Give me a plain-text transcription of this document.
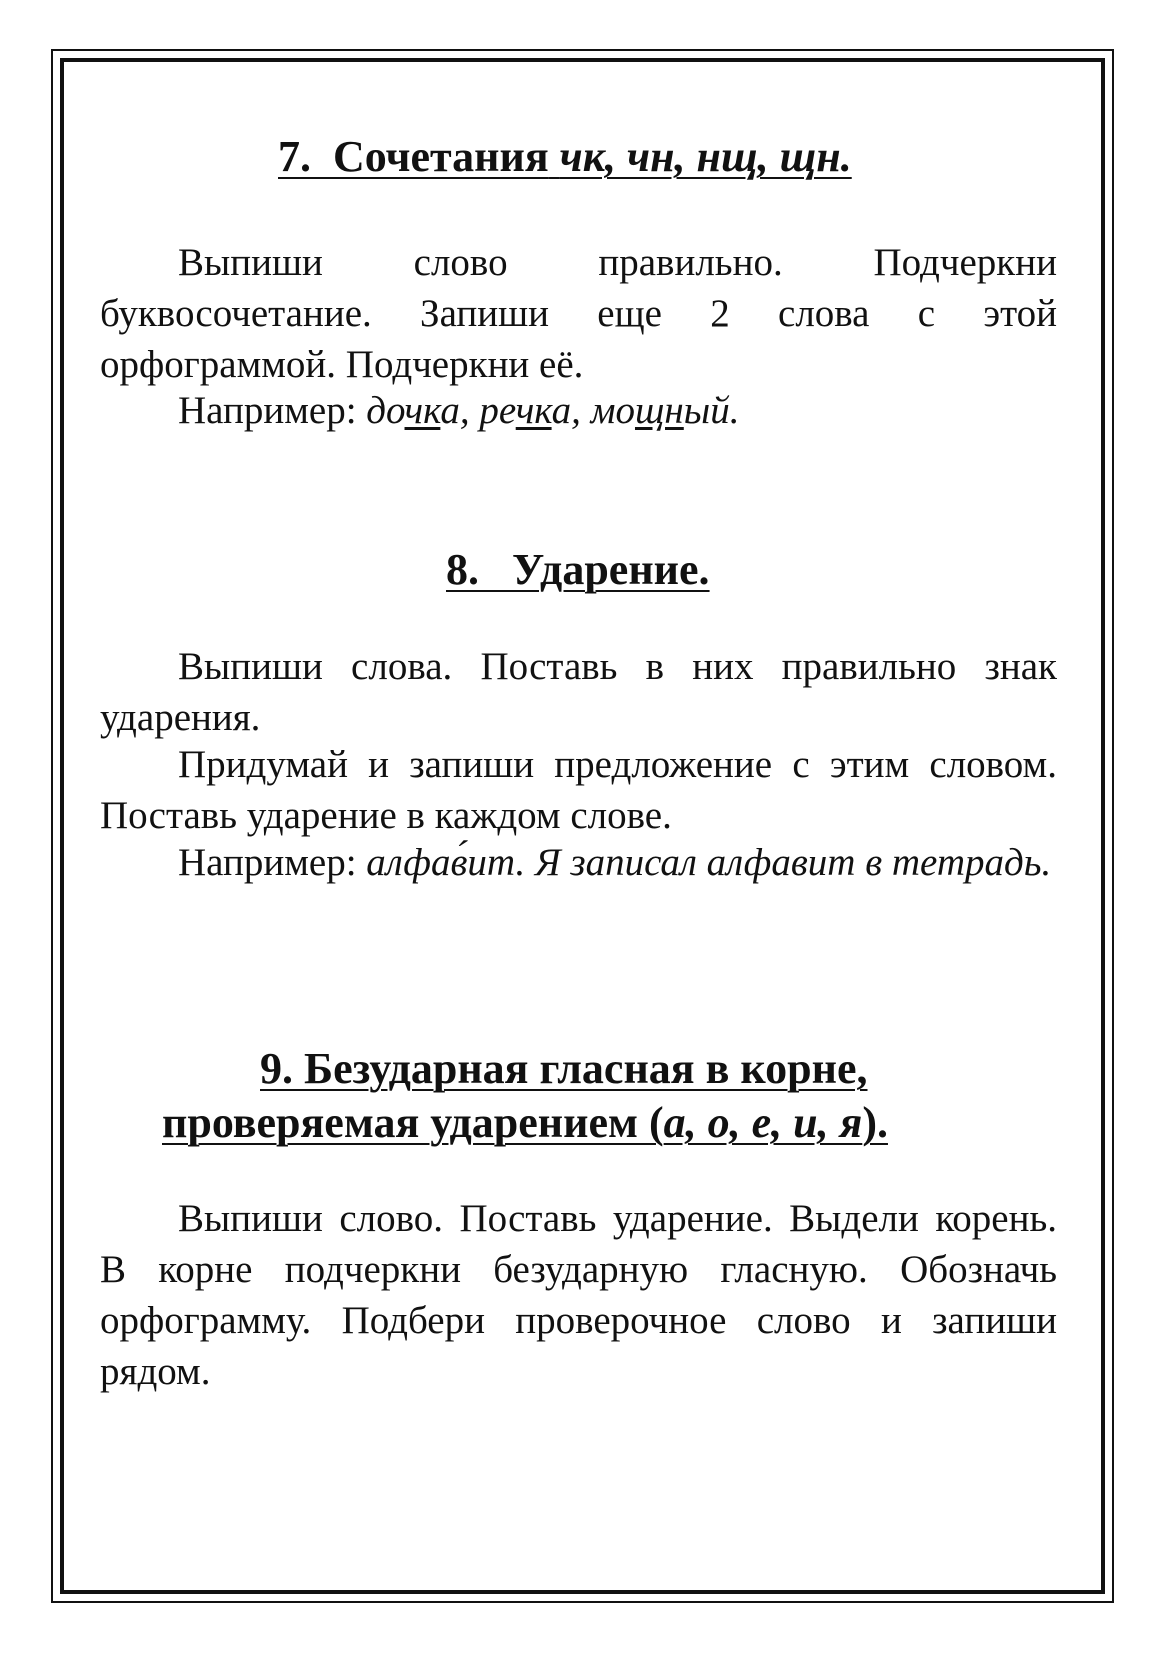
7. Сочетания чк, чн, нщ, щн.

Выпиши слово правильно. Подчеркни буквосочетание. Запиши еще 2 слова с этой орфограммой. Подчеркни её.

Например: дочка, речка, мощный.

8. Ударение.

Выпиши слова. Поставь в них правильно знак ударения.

Придумай и запиши предложение с этим словом. Поставь ударение в каждом слове.

Например: алфав́ит. Я записал алфавит в тетрадь.

9. Безударная гласная в корне,
проверяемая ударением (а, о, е, и, я).

Выпиши слово. Поставь ударение. Выдели корень. В корне подчеркни безударную гласную. Обозначь орфограмму. Подбери проверочное слово и запиши рядом.
